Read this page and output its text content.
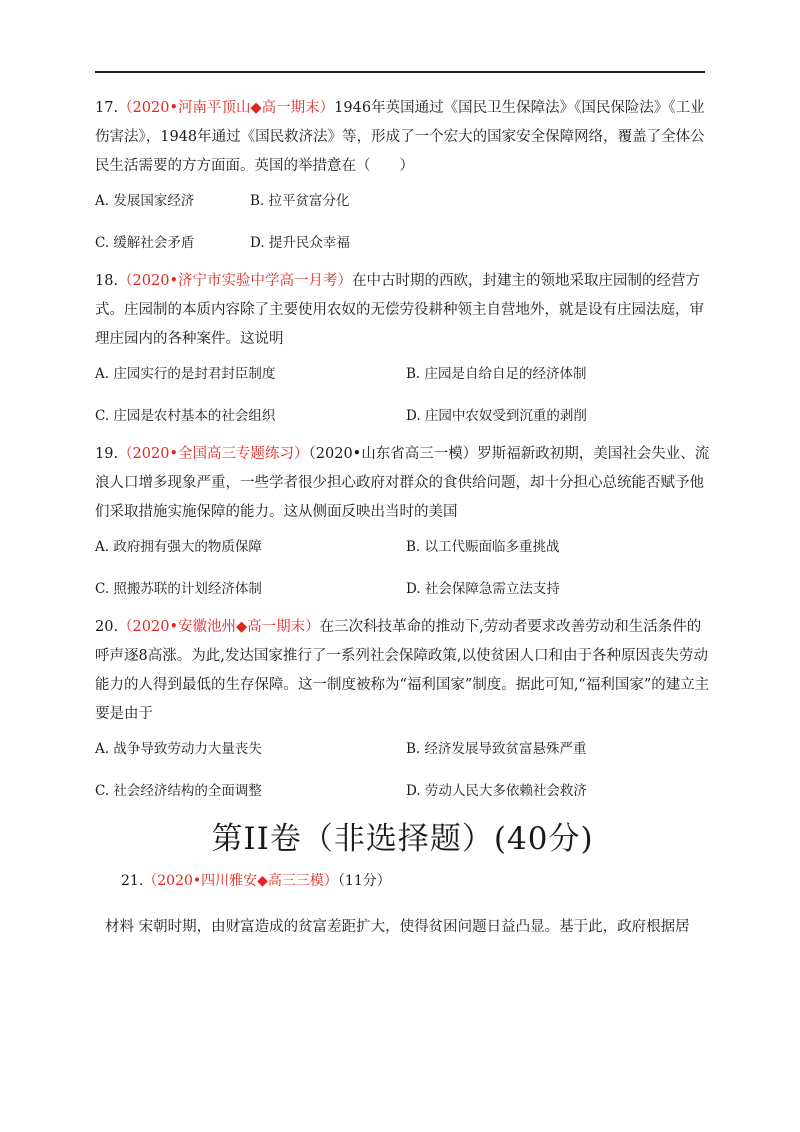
17.（2020•河南平顶山◆高一期末）1946年英国通过《国民卫生保障法》《国民保险法》《工业伤害法》，1948年通过《国民救济法》等，形成了一个宏大的国家安全保障网络，覆盖了全体公民生活需要的方方面面。英国的举措意在（　　）

A. 发展国家经济	B. 拉平贫富分化
C. 缓解社会矛盾	D. 提升民众幸福

18.（2020•济宁市实验中学高一月考）在中古时期的西欧，封建主的领地采取庄园制的经营方式。庄园制的本质内容除了主要使用农奴的无偿劳役耕种领主自营地外，就是设有庄园法庭，审理庄园内的各种案件。这说明

A. 庄园实行的是封君封臣制度	B. 庄园是自给自足的经济体制
C. 庄园是农村基本的社会组织	D. 庄园中农奴受到沉重的剥削

19.（2020•全国高三专题练习）（2020•山东省高三一模）罗斯福新政初期，美国社会失业、流浪人口增多现象严重，一些学者很少担心政府对群众的食供给问题，却十分担心总统能否赋予他们采取措施实施保障的能力。这从侧面反映出当时的美国

A. 政府拥有强大的物质保障	B. 以工代赈面临多重挑战
C. 照搬苏联的计划经济体制	D. 社会保障急需立法支持

20.（2020•安徽池州◆高一期末）在三次科技革命的推动下,劳动者要求改善劳动和生活条件的呼声逐8高涨。为此,发达国家推行了一系列社会保障政策,以使贫困人口和由于各种原因丧失劳动能力的人得到最低的生存保障。这一制度被称为“福利国家”制度。据此可知,“福利国家”的建立主要是由于

A. 战争导致劳动力大量丧失	B. 经济发展导致贫富悬殊严重
C. 社会经济结构的全面调整	D. 劳动人民大多依赖社会救济
第II卷（非选择题）(40分)

21.（2020•四川雅安◆高三三模）（11分）

材料 宋朝时期，由财富造成的贫富差距扩大，使得贫困问题日益凸显。基于此，政府根据居
